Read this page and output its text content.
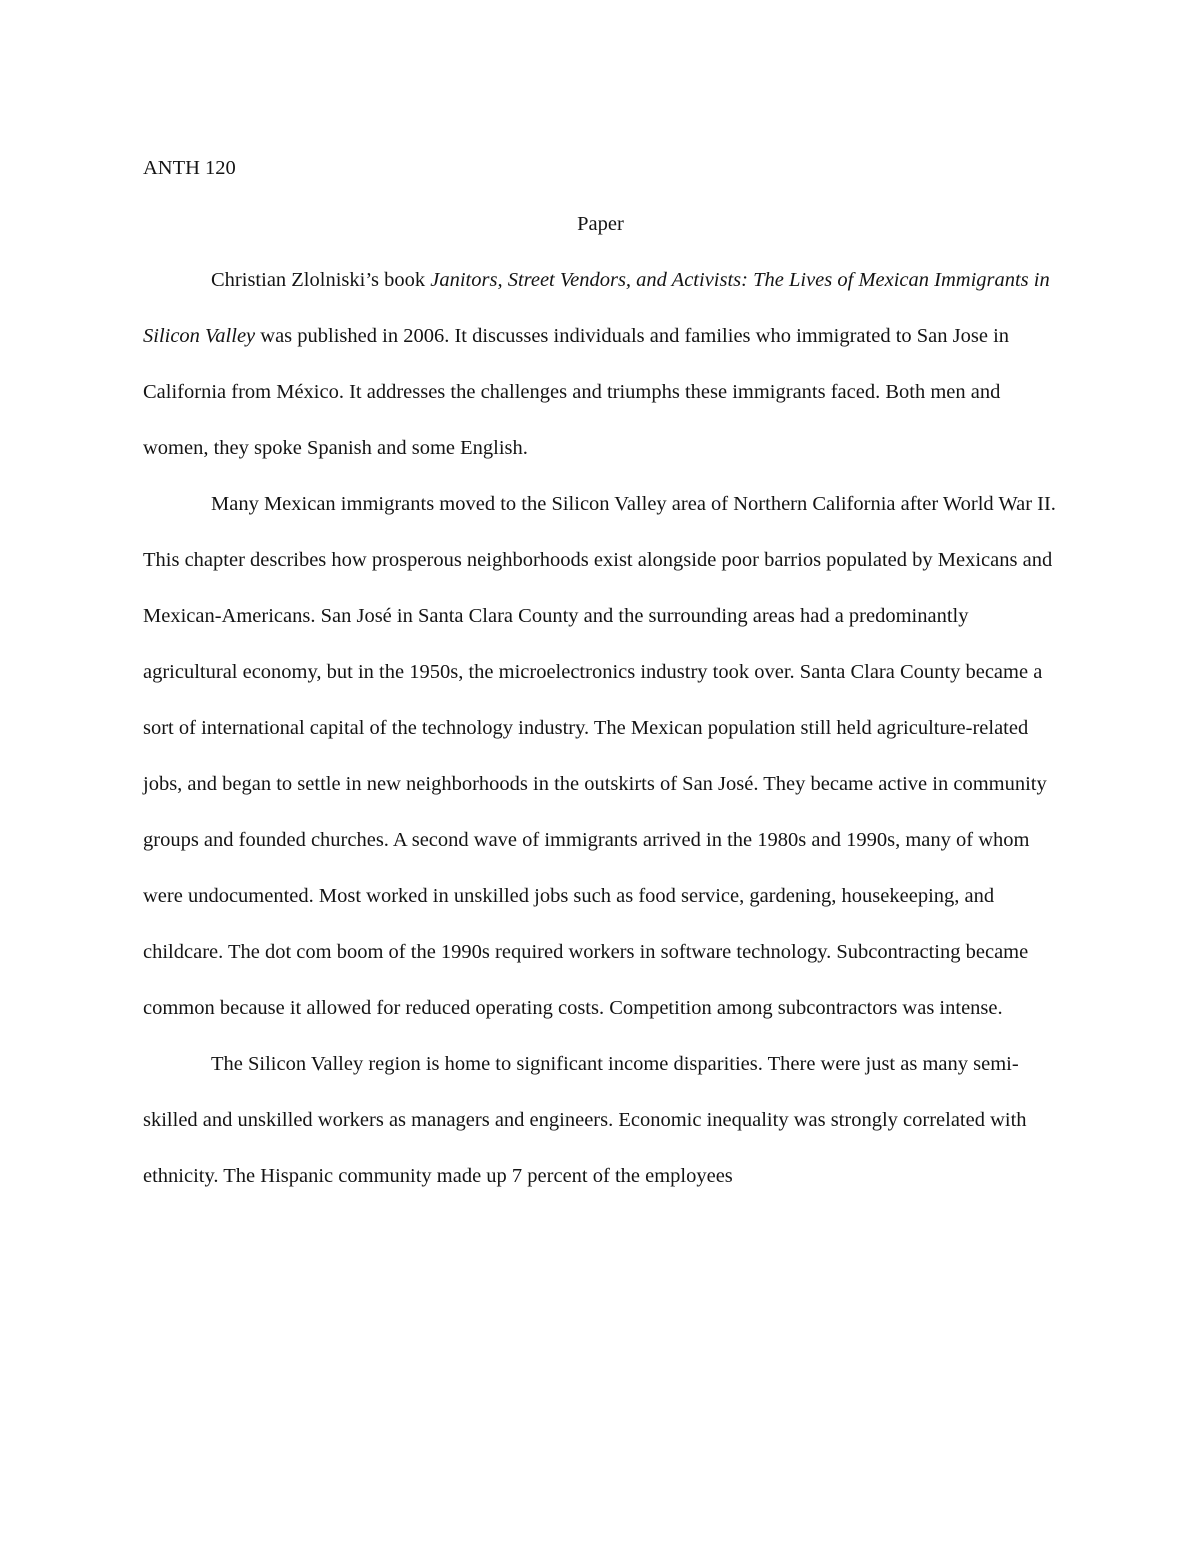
ANTH 120

Paper

Christian Zlolniski’s book Janitors, Street Vendors, and Activists: The Lives of Mexican Immigrants in Silicon Valley was published in 2006. It discusses individuals and families who immigrated to San Jose in California from México. It addresses the challenges and triumphs these immigrants faced. Both men and women, they spoke Spanish and some English.

Many Mexican immigrants moved to the Silicon Valley area of Northern California after World War II. This chapter describes how prosperous neighborhoods exist alongside poor barrios populated by Mexicans and Mexican-Americans. San José in Santa Clara County and the surrounding areas had a predominantly agricultural economy, but in the 1950s, the microelectronics industry took over. Santa Clara County became a sort of international capital of the technology industry. The Mexican population still held agriculture-related jobs, and began to settle in new neighborhoods in the outskirts of San José. They became active in community groups and founded churches. A second wave of immigrants arrived in the 1980s and 1990s, many of whom were undocumented. Most worked in unskilled jobs such as food service, gardening, housekeeping, and childcare. The dot com boom of the 1990s required workers in software technology. Subcontracting became common because it allowed for reduced operating costs. Competition among subcontractors was intense.

The Silicon Valley region is home to significant income disparities. There were just as many semi-skilled and unskilled workers as managers and engineers. Economic inequality was strongly correlated with ethnicity. The Hispanic community made up 7 percent of the employees
